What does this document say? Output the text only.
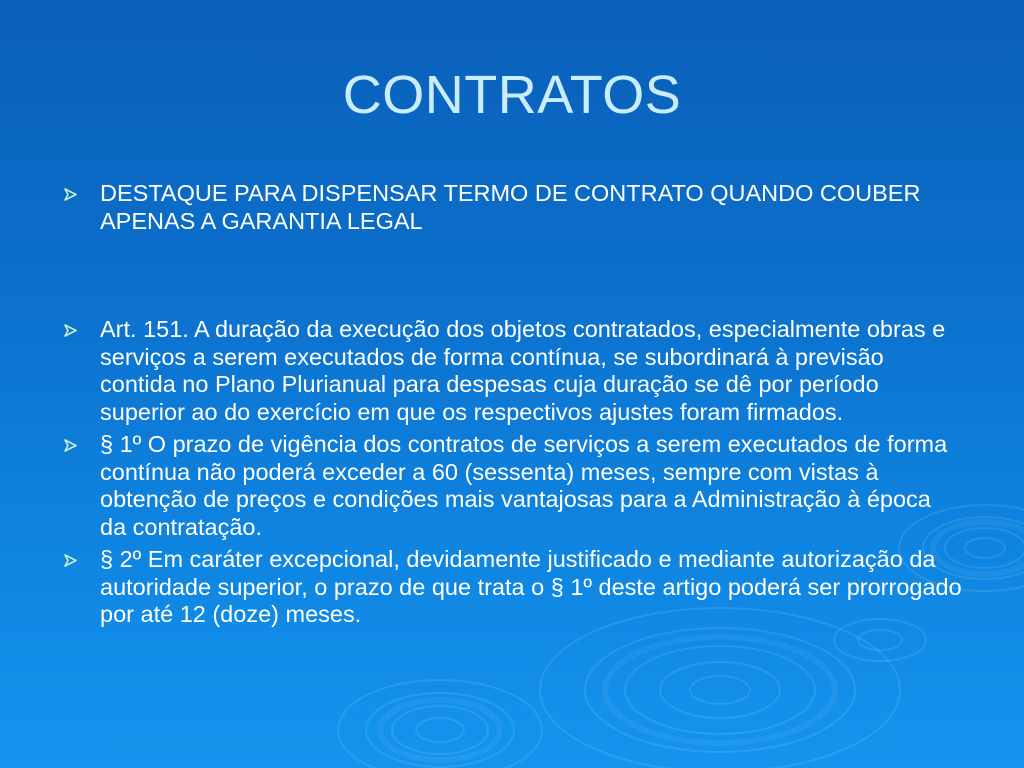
CONTRATOS
DESTAQUE PARA DISPENSAR TERMO DE CONTRATO QUANDO COUBER APENAS A GARANTIA LEGAL
Art. 151. A duração da execução dos objetos contratados, especialmente obras e serviços a serem executados de forma contínua, se subordinará à previsão contida no Plano Plurianual para despesas cuja duração se dê por período superior ao do exercício em que os respectivos ajustes foram firmados.
§ 1º O prazo de vigência dos contratos de serviços a serem executados de forma contínua não poderá exceder a 60 (sessenta) meses, sempre com vistas à obtenção de preços e condições mais vantajosas para a Administração à época da contratação.
§ 2º Em caráter excepcional, devidamente justificado e mediante autorização da autoridade superior, o prazo de que trata o § 1º deste artigo poderá ser prorrogado por até 12 (doze) meses.
